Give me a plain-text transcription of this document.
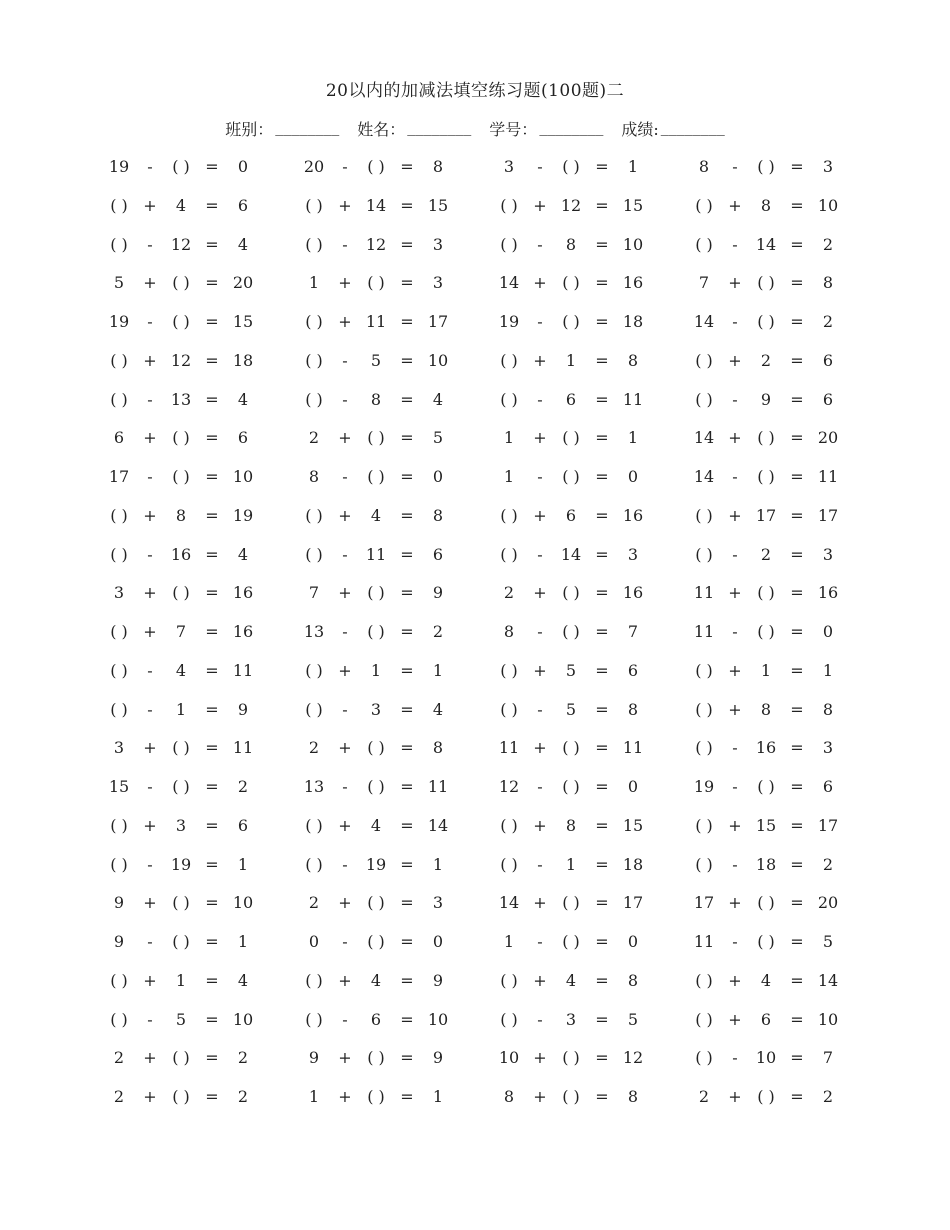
20以内的加减法填空练习题(100题)二
班别： ________ 姓名： ________ 学号： ________ 成绩: ________
19	-	( ) =	0	20	-	( ) =	8	3	-	( ) =	1	8	-	( ) =	3
( ) +	4	=	6	( ) + 14 = 15	( ) + 12 = 15	( ) +	8	= 10
( )	-	12 =	4	( )	-	12 =	3	( )	-	8	= 10	( )	-	14 =	2
5	+ ( ) = 20	1	+ ( ) =	3	14 + ( ) = 16	7	+ ( ) =	8
19	-	( ) = 15	( ) + 11 = 17	19	-	( ) = 18	14	-	( ) =	2
( ) + 12 = 18	( )	-	5	= 10	( ) +	1	=	8	( ) +	2	=	6
( )	-	13 =	4	( )	-	8	=	4	( )	-	6	= 11	( )	-	9	=	6
6	+ ( ) =	6	2	+ ( ) =	5	1	+ ( ) =	1	14 + ( ) = 20
17	-	( ) = 10	8	-	( ) =	0	1	-	( ) =	0	14	-	( ) = 11
( ) +	8	= 19	( ) +	4	=	8	( ) +	6	= 16	( ) + 17 = 17
( )	-	16 =	4	( )	-	11 =	6	( )	-	14 =	3	( )	-	2	=	3
3	+ ( ) = 16	7	+ ( ) =	9	2	+ ( ) = 16	11 + ( ) = 16
( ) +	7	= 16	13	-	( ) =	2	8	-	( ) =	7	11	-	( ) =	0
( )	-	4	= 11	( ) +	1	=	1	( ) +	5	=	6	( ) +	1	=	1
( )	-	1	=	9	( )	-	3	=	4	( )	-	5	=	8	( ) +	8	=	8
3	+ ( ) = 11	2	+ ( ) =	8	11 + ( ) = 11	( )	-	16 =	3
15	-	( ) =	2	13	-	( ) = 11	12	-	( ) =	0	19	-	( ) =	6
( ) +	3	=	6	( ) +	4	= 14	( ) +	8	= 15	( ) + 15 = 17
( )	-	19 =	1	( )	-	19 =	1	( )	-	1	= 18	( )	-	18 =	2
9	+ ( ) = 10	2	+ ( ) =	3	14 + ( ) = 17	17 + ( ) = 20
9	-	( ) =	1	0	-	( ) =	0	1	-	( ) =	0	11	-	( ) =	5
( ) +	1	=	4	( ) +	4	=	9	( ) +	4	=	8	( ) +	4	= 14
( )	-	5	= 10	( )	-	6	= 10	( )	-	3	=	5	( ) +	6	= 10
2	+ ( ) =	2	9	+ ( ) =	9	10 + ( ) = 12	( )	-	10 =	7
2	+ ( ) =	2	1	+ ( ) =	1	8	+ ( ) =	8	2	+ ( ) =	2
